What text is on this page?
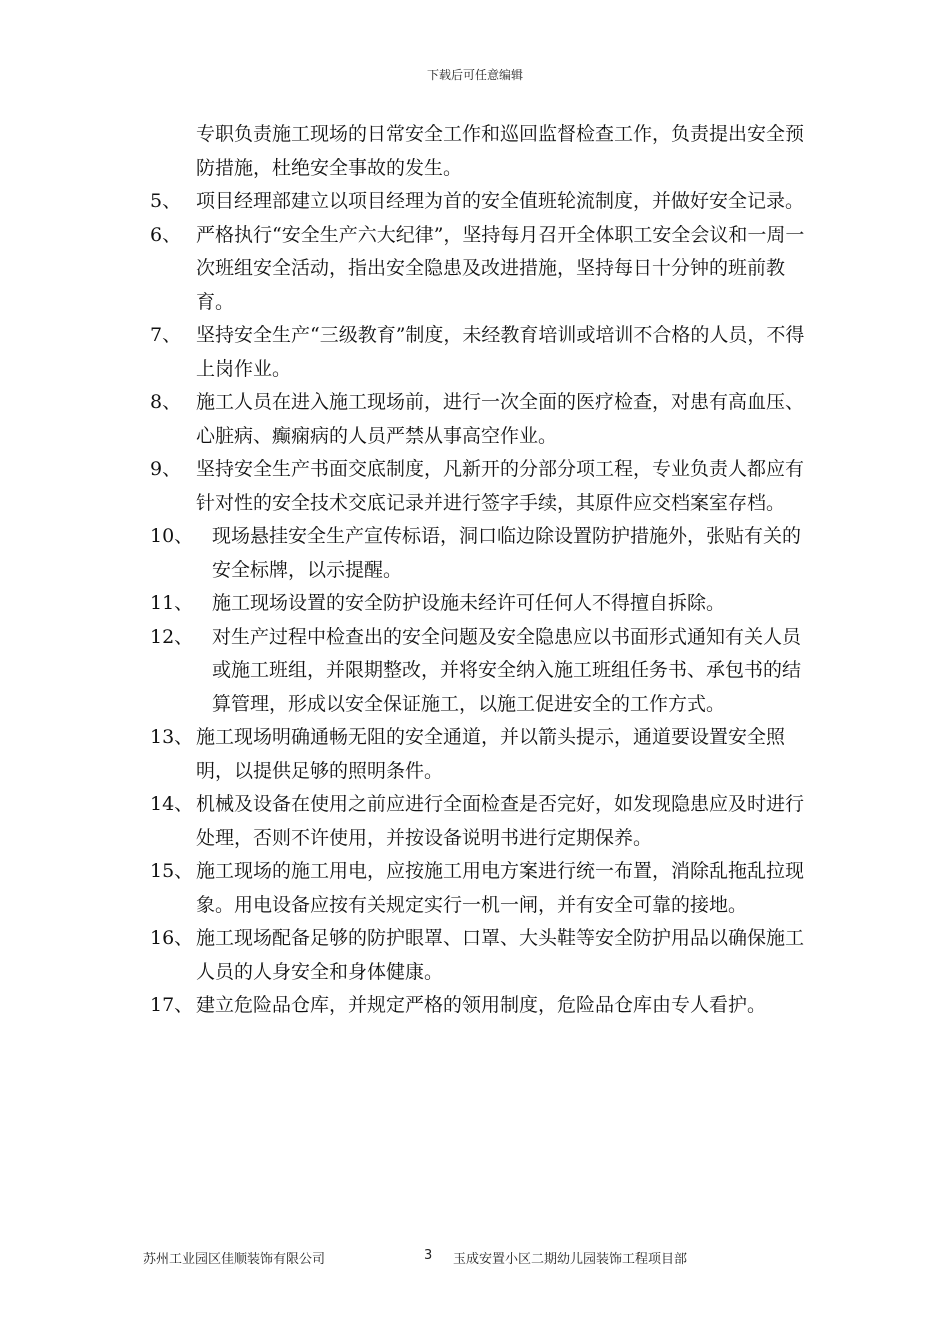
下载后可任意编辑
专职负责施工现场的日常安全工作和巡回监督检查工作，负责提出安全预防措施，杜绝安全事故的发生。
5、 项目经理部建立以项目经理为首的安全值班轮流制度，并做好安全记录。
6、 严格执行“安全生产六大纪律”，坚持每月召开全体职工安全会议和一周一次班组安全活动，指出安全隐患及改进措施，坚持每日十分钟的班前教育。
7、 坚持安全生产“三级教育”制度，未经教育培训或培训不合格的人员，不得上岗作业。
8、 施工人员在进入施工现场前，进行一次全面的医疗检查，对患有高血压、心脏病、癫痫病的人员严禁从事高空作业。
9、 坚持安全生产书面交底制度，凡新开的分部分项工程，专业负责人都应有针对性的安全技术交底记录并进行签字手续，其原件应交档案室存档。
10、 现场悬挂安全生产宣传标语，洞口临边除设置防护措施外，张贴有关的安全标牌，以示提醒。
11、 施工现场设置的安全防护设施未经许可任何人不得擅自拆除。
12、 对生产过程中检查出的安全问题及安全隐患应以书面形式通知有关人员或施工班组，并限期整改，并将安全纳入施工班组任务书、承包书的结算管理，形成以安全保证施工，以施工促进安全的工作方式。
13、 施工现场明确通畅无阻的安全通道，并以箭头提示，通道要设置安全照明，以提供足够的照明条件。
14、 机械及设备在使用之前应进行全面检查是否完好，如发现隐患应及时进行处理，否则不许使用，并按设备说明书进行定期保养。
15、 施工现场的施工用电，应按施工用电方案进行统一布置，消除乱拖乱拉现象。用电设备应按有关规定实行一机一闸，并有安全可靠的接地。
16、 施工现场配备足够的防护眼罩、口罩、大头鞋等安全防护用品以确保施工人员的人身安全和身体健康。
17、 建立危险品仓库，并规定严格的领用制度，危险品仓库由专人看护。
苏州工业园区佳顺装饰有限公司	3 玉成安置小区二期幼儿园装饰工程项目部
